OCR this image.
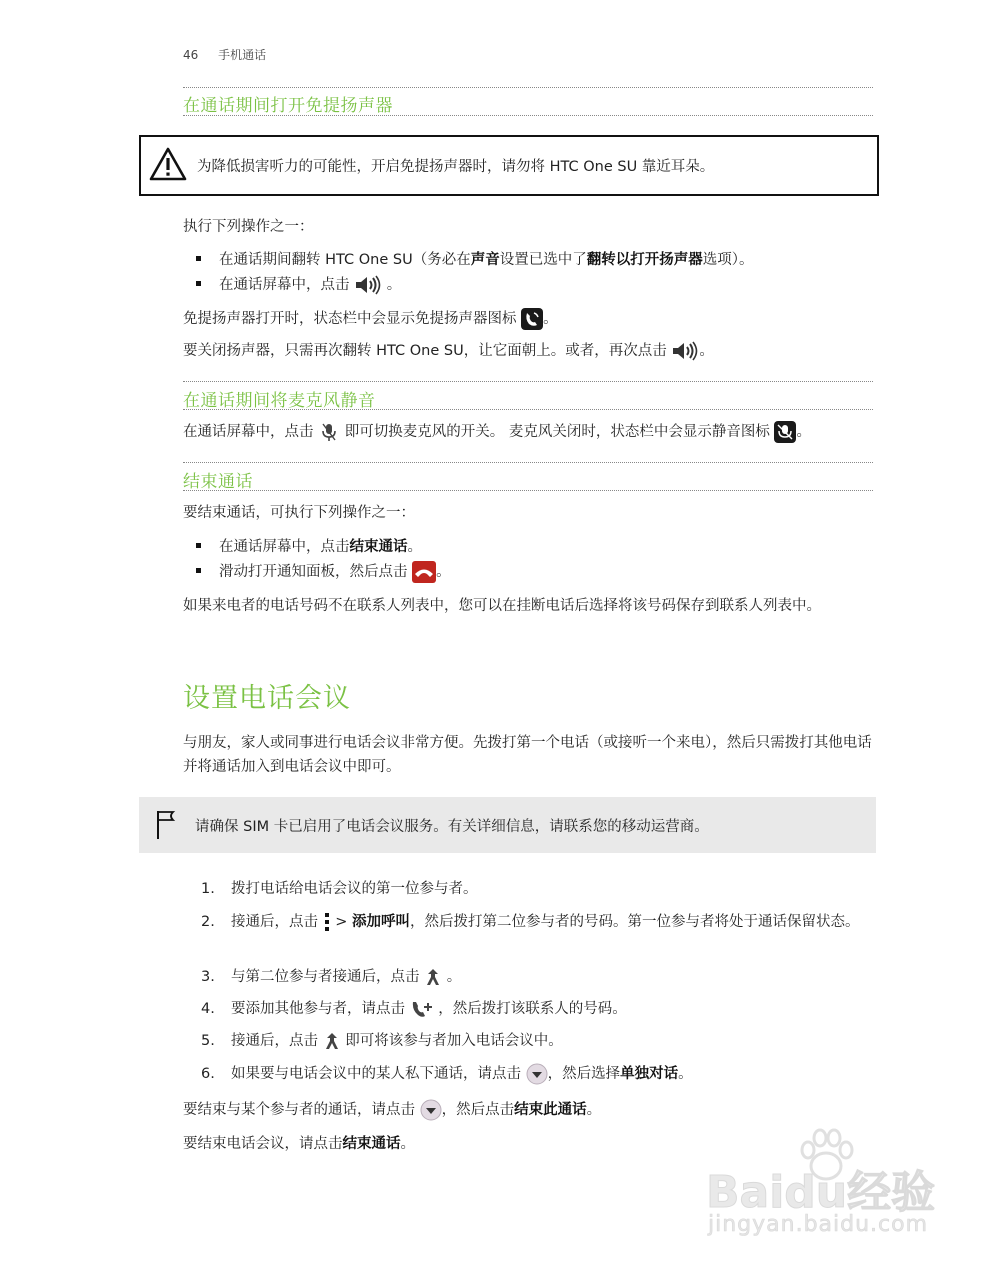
46 手机通话
在通话期间打开免提扬声器
为降低损害听力的可能性，开启免提扬声器时，请勿将 HTC One SU 靠近耳朵。
执行下列操作之一：
在通话期间翻转 HTC One SU（务必在声音设置已选中了翻转以打开扬声器选项）。
在通话屏幕中，点击	。
免提扬声器打开时，状态栏中会显示免提扬声器图标 。
要关闭扬声器，只需再次翻转 HTC One SU，让它面朝上。或者，再次点击 。
在通话期间将麦克风静音
在通话屏幕中，点击 即可切换麦克风的开关。 麦克风关闭时，状态栏中会显示静音图标 。
结束通话
要结束通话，可执行下列操作之一：
在通话屏幕中，点击结束通话。
滑动打开通知面板，然后点击 。
如果来电者的电话号码不在联系人列表中，您可以在挂断电话后选择将该号码保存到联系人列表中。
设置电话会议
与朋友，家人或同事进行电话会议非常方便。先拨打第一个电话（或接听一个来电），然后只需拨打其他电话并将通话加入到电话会议中即可。
请确保 SIM 卡已启用了电话会议服务。有关详细信息，请联系您的移动运营商。
1. 拨打电话给电话会议的第一位参与者。
2. 接通后，点击 > 添加呼叫，然后拨打第二位参与者的号码。第一位参与者将处于通话保留状态。
3. 与第二位参与者接通后，点击 。
4. 要添加其他参与者，请点击 ，然后拨打该联系人的号码。
5. 接通后，点击 即可将该参与者加入电话会议中。
6. 如果要与电话会议中的某人私下通话，请点击 ，然后选择单独对话。
要结束与某个参与者的通话，请点击 ，然后点击结束此通话。
要结束电话会议，请点击结束通话。
Baidu经验
jingyan.baidu.com
